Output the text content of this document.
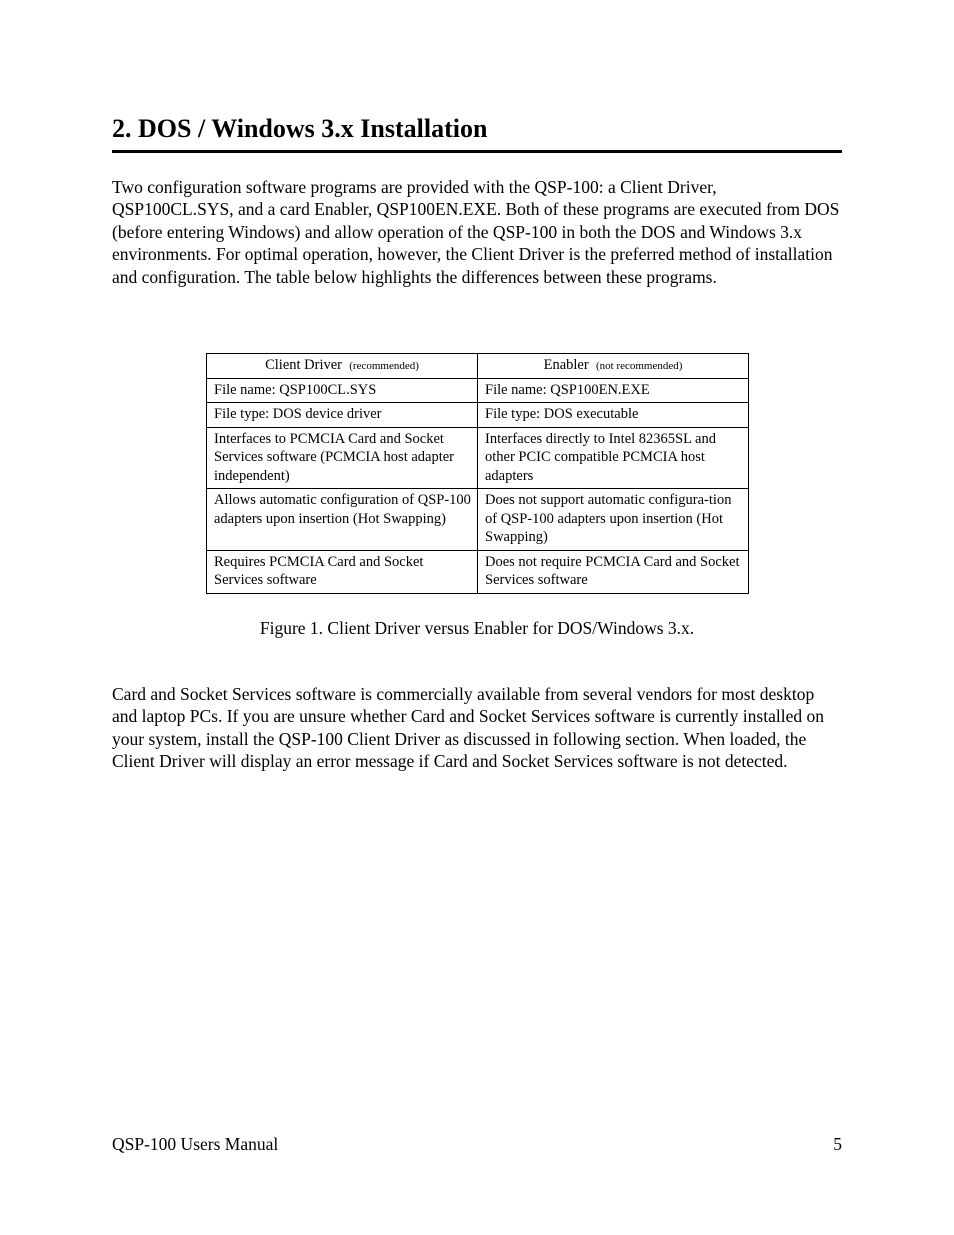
2. DOS / Windows 3.x Installation

Two configuration software programs are provided with the QSP-100: a Client Driver, QSP100CL.SYS, and a card Enabler, QSP100EN.EXE. Both of these programs are executed from DOS (before entering Windows) and allow operation of the QSP-100 in both the DOS and Windows 3.x environments. For optimal operation, however, the Client Driver is the preferred method of installation and configuration. The table below highlights the differences between these programs.

Client Driver (recommended)	Enabler (not recommended)
File name: QSP100CL.SYS	File name: QSP100EN.EXE
File type: DOS device driver	File type: DOS executable
Interfaces to PCMCIA Card and Socket Services software (PCMCIA host adapter independent)	Interfaces directly to Intel 82365SL and other PCIC compatible PCMCIA host adapters
Allows automatic configuration of QSP-100 adapters upon insertion (Hot Swapping)	Does not support automatic configura-tion of QSP-100 adapters upon insertion (Hot Swapping)
Requires PCMCIA Card and Socket Services software	Does not require PCMCIA Card and Socket Services software

Figure 1. Client Driver versus Enabler for DOS/Windows 3.x.

Card and Socket Services software is commercially available from several vendors for most desktop and laptop PCs. If you are unsure whether Card and Socket Services software is currently installed on your system, install the QSP-100 Client Driver as discussed in following section. When loaded, the Client Driver will display an error message if Card and Socket Services software is not detected.

QSP-100 Users Manual	5
